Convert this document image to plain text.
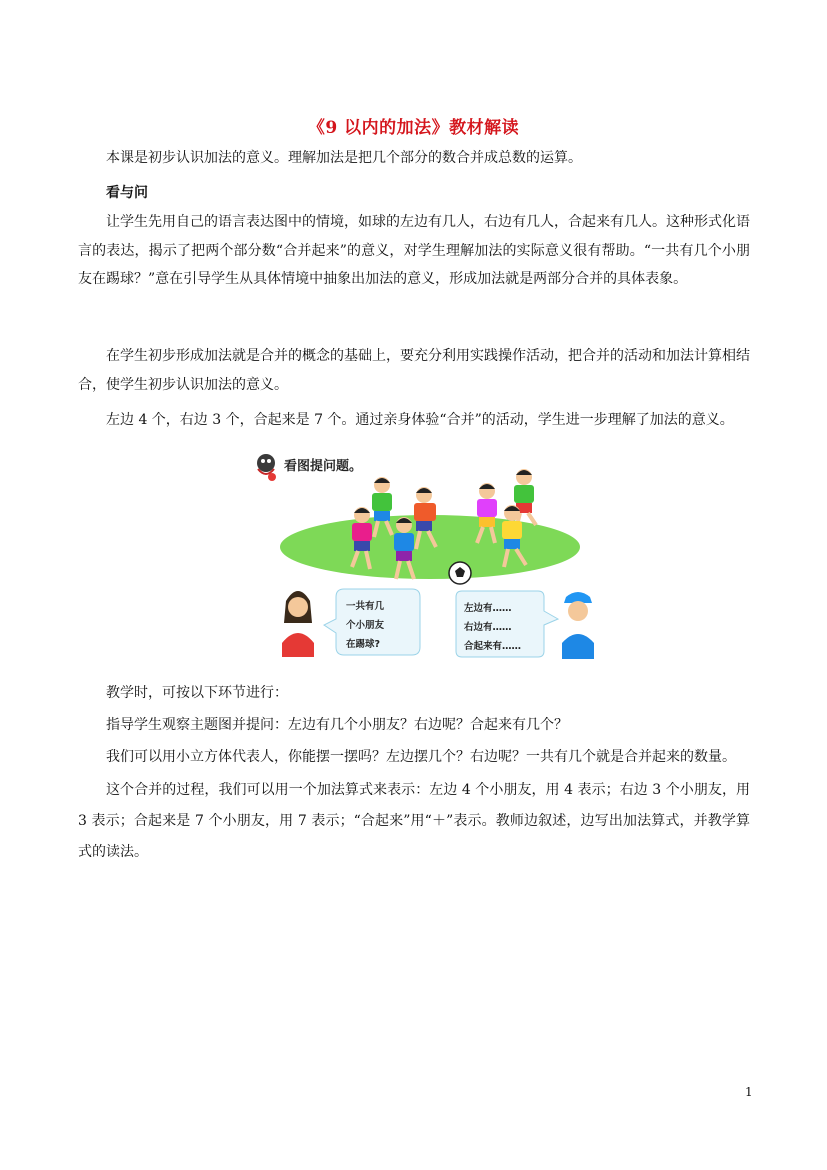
《9 以内的加法》教材解读

本课是初步认识加法的意义。理解加法是把几个部分的数合并成总数的运算。

看与问

让学生先用自己的语言表达图中的情境，如球的左边有几人，右边有几人，合起来有几人。这种形式化语言的表达，揭示了把两个部分数“合并起来”的意义，对学生理解加法的实际意义很有帮助。“一共有几个小朋友在踢球？”意在引导学生从具体情境中抽象出加法的意义，形成加法就是两部分合并的具体表象。

在学生初步形成加法就是合并的概念的基础上，要充分利用实践操作活动，把合并的活动和加法计算相结合，使学生初步认识加法的意义。

左边 4 个，右边 3 个，合起来是 7 个。通过亲身体验“合并”的活动，学生进一步理解了加法的意义。

看图提问题。
一共有几
个小朋友
在踢球?
左边有……
右边有……
合起来有……

教学时，可按以下环节进行：

指导学生观察主题图并提问：左边有几个小朋友？右边呢？合起来有几个？

我们可以用小立方体代表人，你能摆一摆吗？左边摆几个？右边呢？一共有几个就是合并起来的数量。

这个合并的过程，我们可以用一个加法算式来表示：左边 4 个小朋友，用 4 表示；右边 3 个小朋友，用 3 表示；合起来是 7 个小朋友，用 7 表示；“合起来”用“＋”表示。教师边叙述，边写出加法算式，并教学算式的读法。

1
